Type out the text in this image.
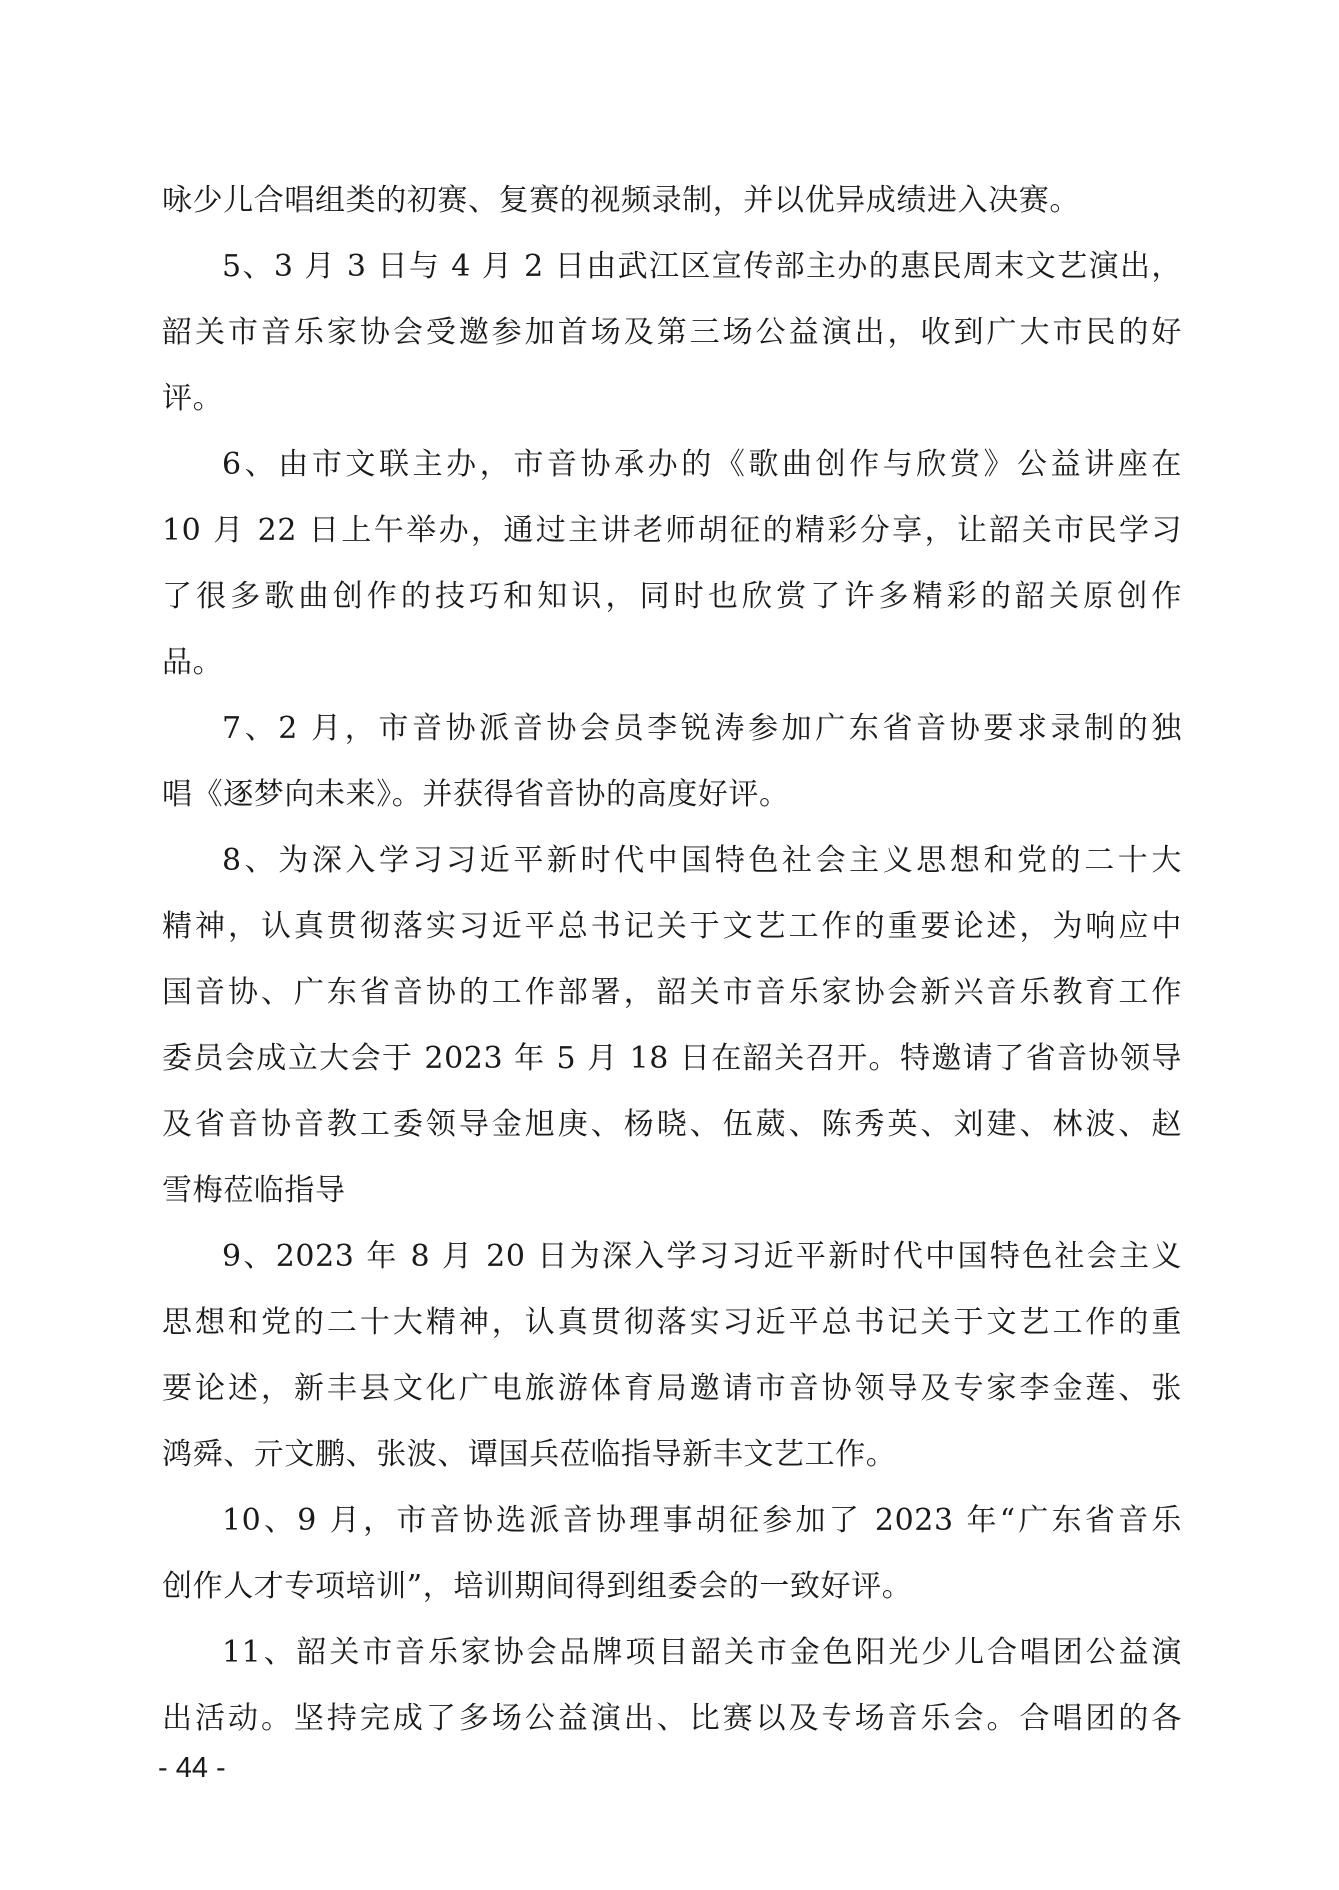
咏少儿合唱组类的初赛、复赛的视频录制，并以优异成绩进入决赛。
5、3 月 3 日与 4 月 2 日由武江区宣传部主办的惠民周末文艺演出，
韶关市音乐家协会受邀参加首场及第三场公益演出，收到广大市民的好
评。
6、由市文联主办，市音协承办的《歌曲创作与欣赏》公益讲座在
10 月 22 日上午举办，通过主讲老师胡征的精彩分享，让韶关市民学习
了很多歌曲创作的技巧和知识，同时也欣赏了许多精彩的韶关原创作
品。
7、2 月，市音协派音协会员李锐涛参加广东省音协要求录制的独
唱《逐梦向未来》。并获得省音协的高度好评。
8、为深入学习习近平新时代中国特色社会主义思想和党的二十大
精神，认真贯彻落实习近平总书记关于文艺工作的重要论述，为响应中
国音协、广东省音协的工作部署，韶关市音乐家协会新兴音乐教育工作
委员会成立大会于 2023 年 5 月 18 日在韶关召开。特邀请了省音协领导
及省音协音教工委领导金旭庚、杨晓、伍葳、陈秀英、刘建、林波、赵
雪梅莅临指导
9、2023 年 8 月 20 日为深入学习习近平新时代中国特色社会主义
思想和党的二十大精神，认真贯彻落实习近平总书记关于文艺工作的重
要论述，新丰县文化广电旅游体育局邀请市音协领导及专家李金莲、张
鸿舜、亓文鹏、张波、谭国兵莅临指导新丰文艺工作。
10、9 月，市音协选派音协理事胡征参加了 2023 年“广东省音乐
创作人才专项培训”，培训期间得到组委会的一致好评。
11、韶关市音乐家协会品牌项目韶关市金色阳光少儿合唱团公益演
出活动。坚持完成了多场公益演出、比赛以及专场音乐会。合唱团的各
- 44 -
